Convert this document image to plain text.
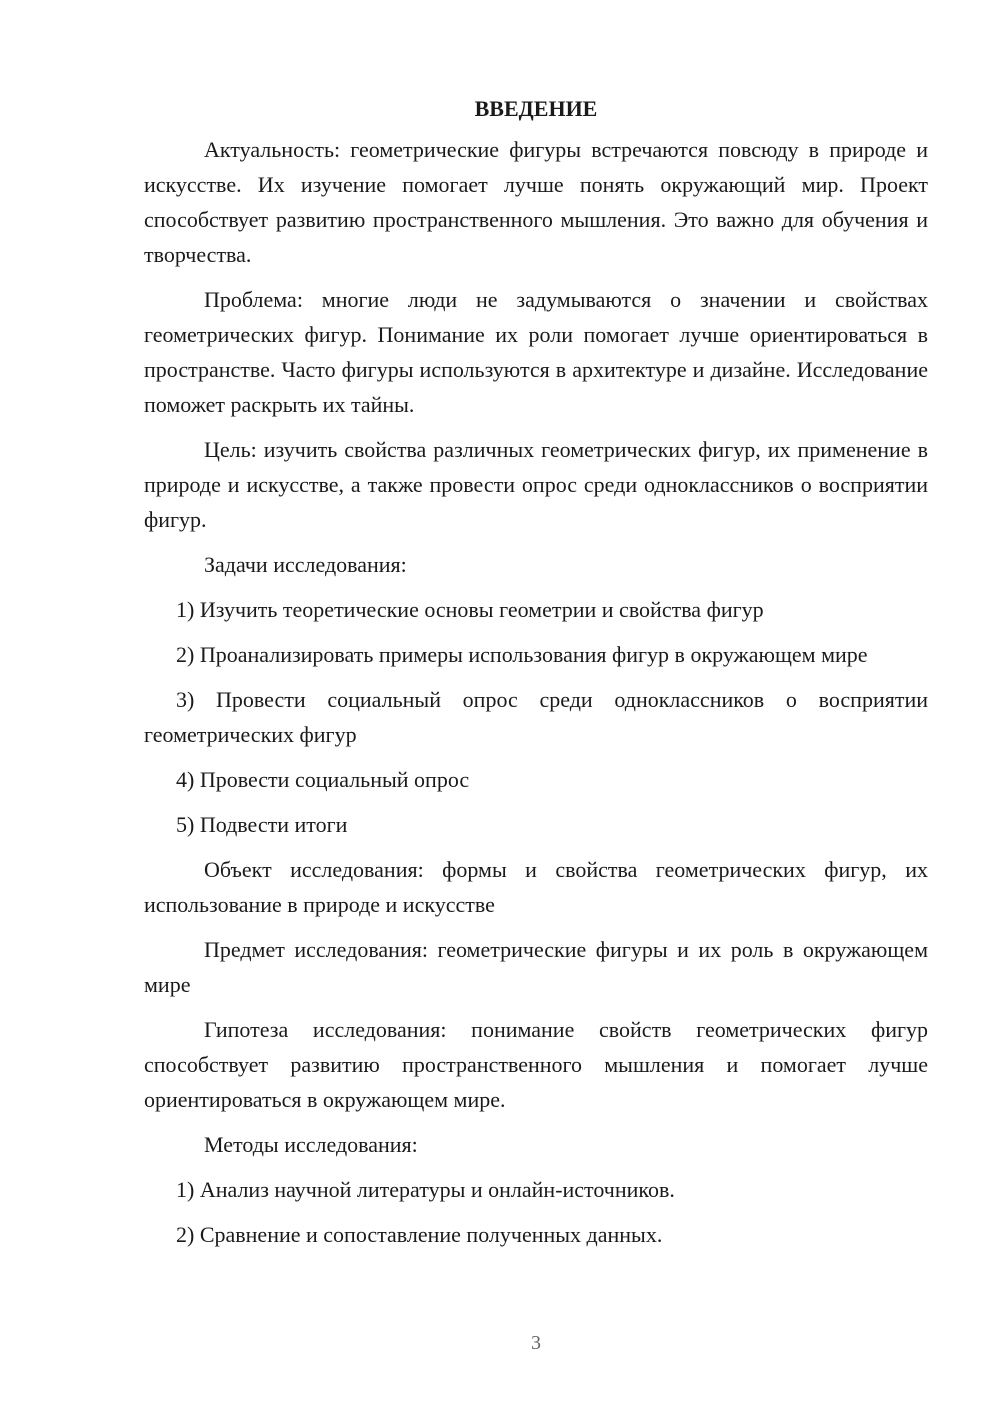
ВВЕДЕНИЕ

Актуальность: геометрические фигуры встречаются повсюду в природе и искусстве. Их изучение помогает лучше понять окружающий мир. Проект способствует развитию пространственного мышления. Это важно для обучения и творчества.

Проблема: многие люди не задумываются о значении и свойствах геометрических фигур. Понимание их роли помогает лучше ориентироваться в пространстве. Часто фигуры используются в архитектуре и дизайне. Исследование поможет раскрыть их тайны.

Цель: изучить свойства различных геометрических фигур, их применение в природе и искусстве, а также провести опрос среди одноклассников о восприятии фигур.

Задачи исследования:

1) Изучить теоретические основы геометрии и свойства фигур

2) Проанализировать примеры использования фигур в окружающем мире

3) Провести социальный опрос среди одноклассников о восприятии геометрических фигур

4) Провести социальный опрос

5) Подвести итоги

Объект исследования: формы и свойства геометрических фигур, их использование в природе и искусстве

Предмет исследования: геометрические фигуры и их роль в окружающем мире

Гипотеза исследования: понимание свойств геометрических фигур способствует развитию пространственного мышления и помогает лучше ориентироваться в окружающем мире.

Методы исследования:

1) Анализ научной литературы и онлайн-источников.

2) Сравнение и сопоставление полученных данных.

3
